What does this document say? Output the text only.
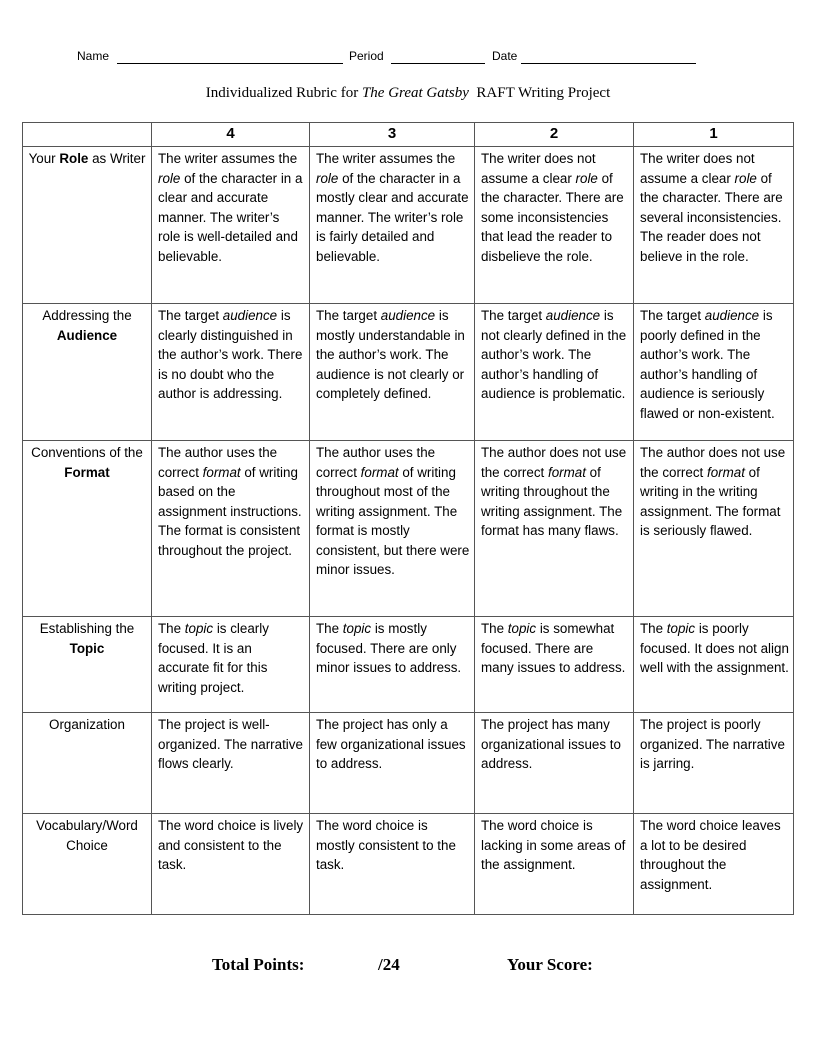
Name	Period	Date
Individualized Rubric for The Great Gatsby  RAFT Writing Project
	4	3	2	1
Your Role as Writer	The writer assumes the role of the character in a clear and accurate manner. The writer’s role is well-detailed and believable.	The writer assumes the role of the character in a mostly clear and accurate manner. The writer’s role is fairly detailed and believable.	The writer does not assume a clear role of the character. There are some inconsistencies that lead the reader to disbelieve the role.	The writer does not assume a clear role of the character. There are several inconsistencies. The reader does not believe in the role.
Addressing the Audience	The target audience is clearly distinguished in the author’s work. There is no doubt who the author is addressing.	The target audience is mostly understandable in the author’s work. The audience is not clearly or completely defined.	The target audience is not clearly defined in the author’s work. The author’s handling of audience is problematic.	The target audience is poorly defined in the author’s work. The author’s handling of audience is seriously flawed or non-existent.
Conventions of the Format	The author uses the correct format of writing based on the assignment instructions. The format is consistent throughout the project.	The author uses the correct format of writing throughout most of the writing assignment. The format is mostly consistent, but there were minor issues.	The author does not use the correct format of writing throughout the writing assignment. The format has many flaws.	The author does not use the correct format of writing in the writing assignment. The format is seriously flawed.
Establishing the Topic	The topic is clearly focused. It is an accurate fit for this writing project.	The topic is mostly focused. There are only minor issues to address.	The topic is somewhat focused. There are many issues to address.	The topic is poorly focused. It does not align well with the assignment.
Organization	The project is well-organized. The narrative flows clearly.	The project has only a few organizational issues to address.	The project has many organizational issues to address.	The project is poorly organized. The narrative is jarring.
Vocabulary/Word Choice	The word choice is lively and consistent to the task.	The word choice is mostly consistent to the task.	The word choice is lacking in some areas of the assignment.	The word choice leaves a lot to be desired throughout the assignment.
Total Points:	/24	Your Score:
